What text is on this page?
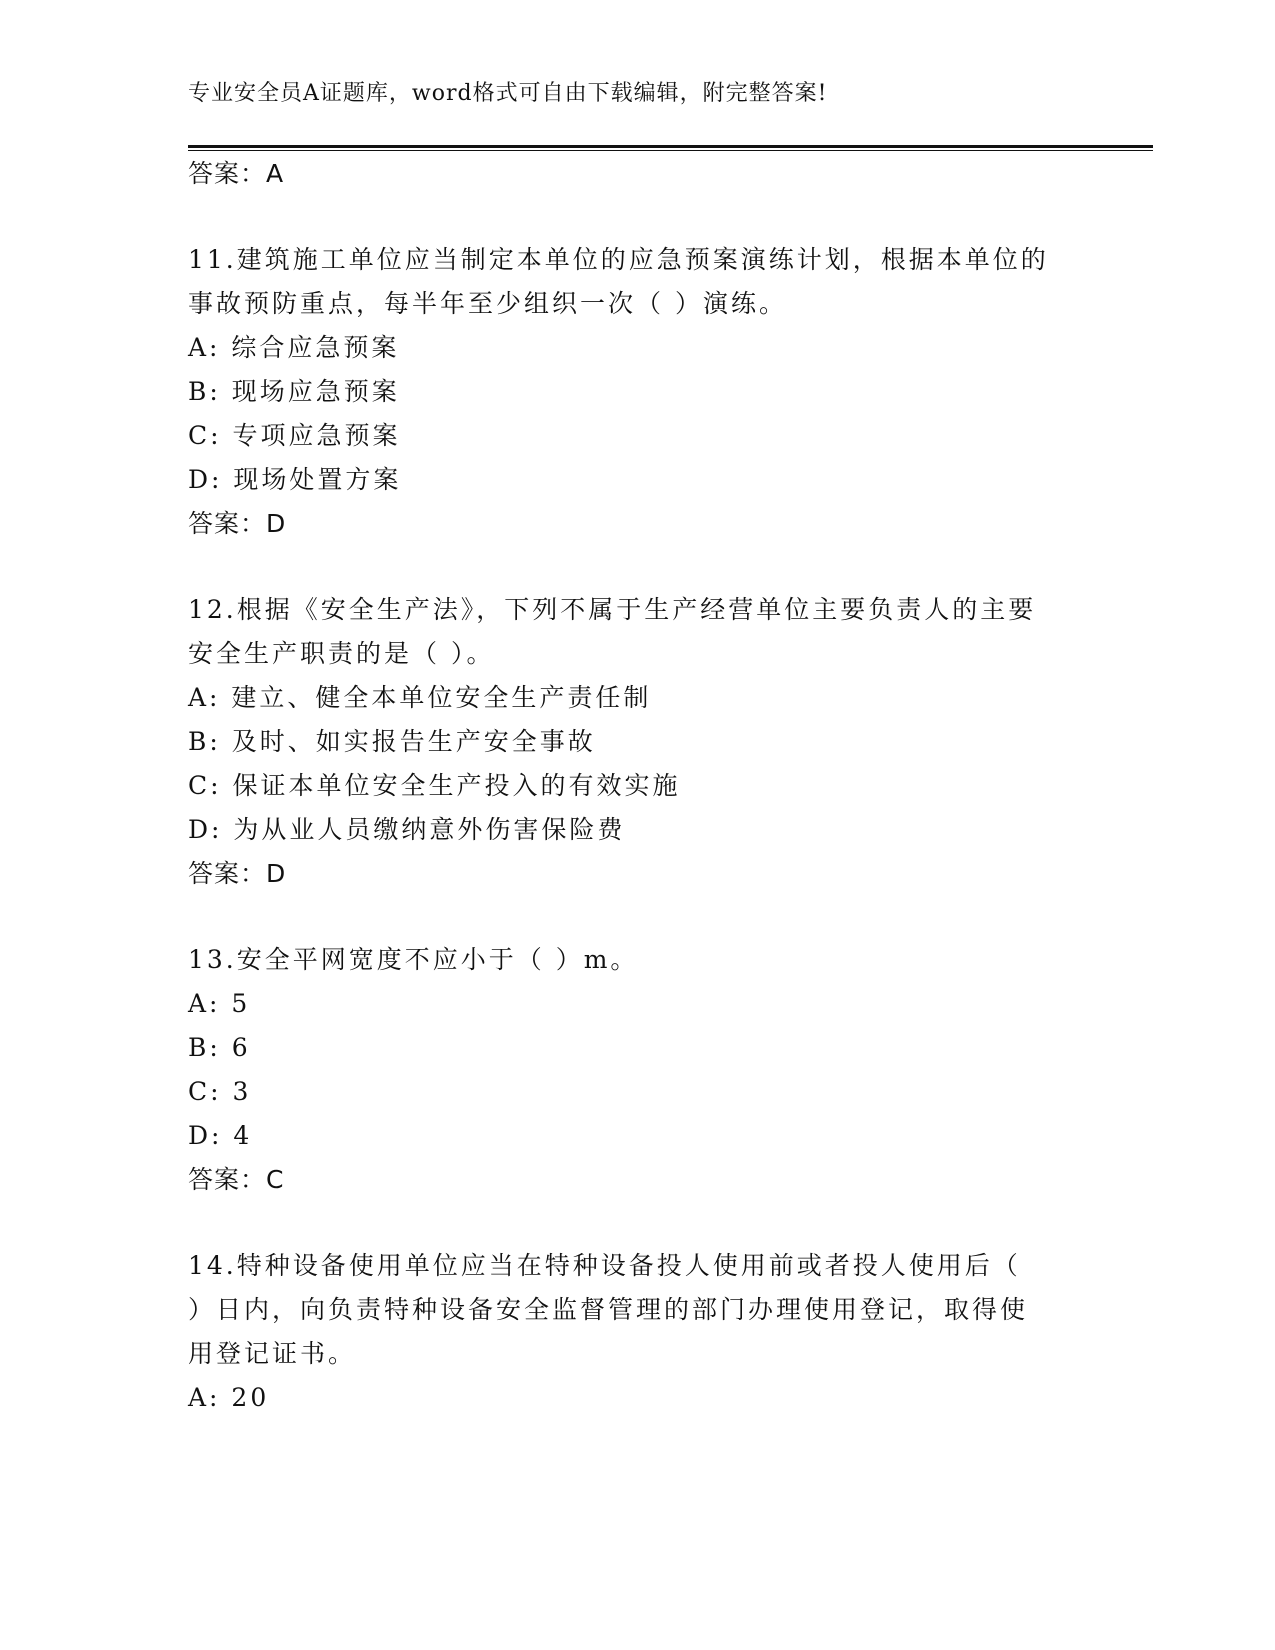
专业安全员A证题库，word格式可自由下载编辑，附完整答案!
答案：A
11.建筑施工单位应当制定本单位的应急预案演练计划，根据本单位的
事故预防重点，每半年至少组织一次（ ）演练。
A: 综合应急预案
B: 现场应急预案
C: 专项应急预案
D: 现场处置方案
答案：D
12.根据《安全生产法》，下列不属于生产经营单位主要负责人的主要
安全生产职责的是（ ）。
A: 建立、健全本单位安全生产责任制
B: 及时、如实报告生产安全事故
C: 保证本单位安全生产投入的有效实施
D: 为从业人员缴纳意外伤害保险费
答案：D
13.安全平网宽度不应小于（ ）m。
A: 5
B: 6
C: 3
D: 4
答案：C
14.特种设备使用单位应当在特种设备投人使用前或者投人使用后（
）日内，向负责特种设备安全监督管理的部门办理使用登记，取得使
用登记证书。
A: 20
